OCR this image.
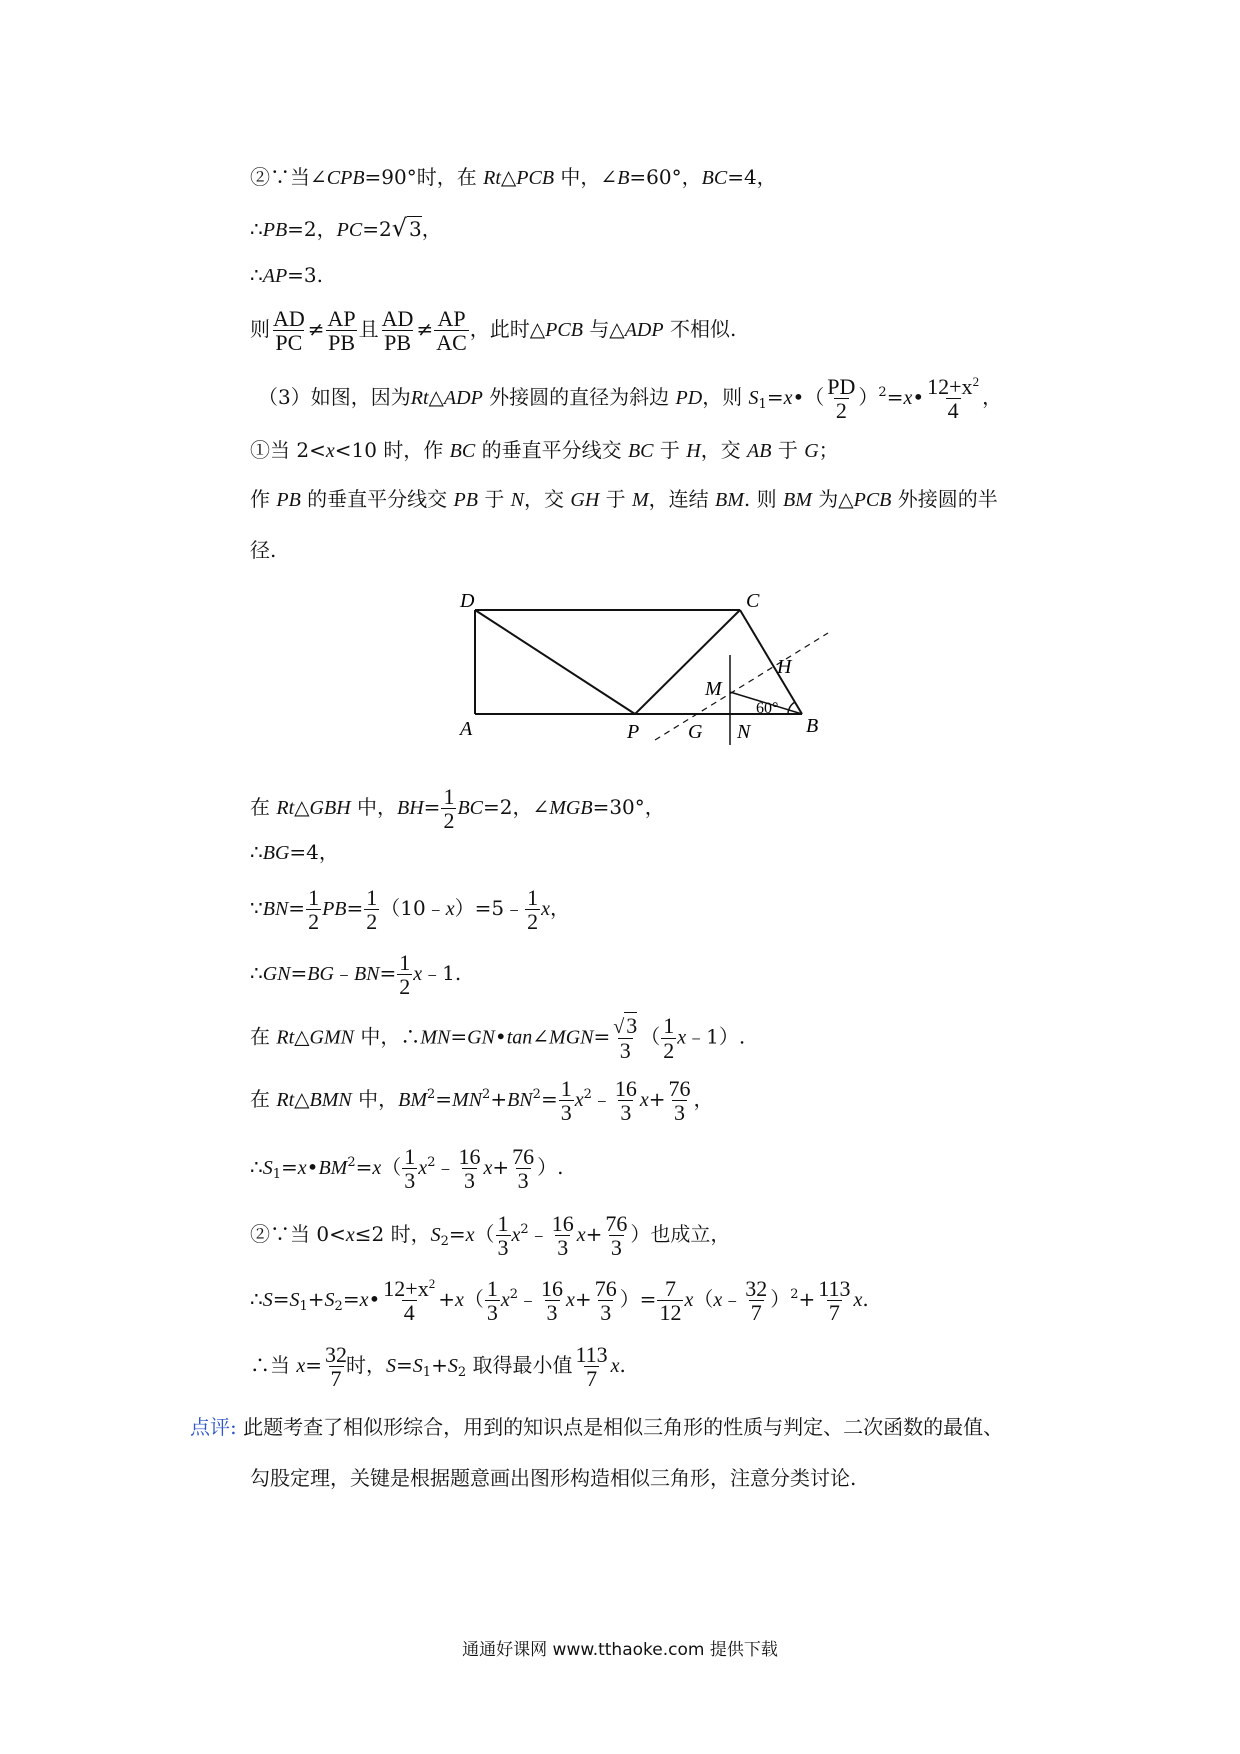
②∵当∠CPB=90°时，在 Rt△PCB 中，∠B=60°，BC=4，
∴PB=2，PC=2√ 3，
∴AP=3.
则 $\frac{AD}{PC} \ne \frac{AP}{PB}$ 且 $\frac{AD}{PB} \ne \frac{AP}{AC}$ ，此时△PCB 与△ADP 不相似.
（3）如图，因为Rt△ADP 外接圆的直径为斜边 PD，则 $S_1=x•( \frac{PD}{2}$ ）$^2$=x• $\frac{12+x^2}{4}$ ，
①当 2<x<10 时，作 BC 的垂直平分线交 BC 于 H，交 AB 于 G；
作 PB 的垂直平分线交 PB 于 N，交 GH 于 M，连结 BM. 则 BM 为△PCB 外接圆的半
径.
D	C
A	P G N	B
M
H
60°
在 Rt△GBH 中，$BH= \frac{1}{2} BC=2$，∠MGB=30°，
∴BG=4，
∵BN= $\frac{1}{2} PB= \frac{1}{2}$ （10﹣x）=5﹣ $\frac{1}{2}$ x，
∴GN=BG﹣BN= $\frac{1}{2}$ x﹣1.
在 Rt△GMN 中，∴MN=GN•tan∠MGN= $\frac{√3}{3}$ （ $\frac{1}{2}$ x﹣1）.
在 Rt△BMN 中，$BM^2=MN^2+BN^2= \frac{1}{3}$ $x^2﹣ \frac{16}{3} x+ \frac{76}{3}$ ，
$\therefore S_1=x•BM^2=x( \frac{1}{3}$ $x^2﹣ \frac{16}{3} x+ \frac{76}{3}$ ）.
②∵当 0<x≤2 时，$S_2=x( \frac{1}{3}$ $x^2﹣ \frac{16}{3} x+ \frac{76}{3}$ ）也成立，
$\therefore S=S_1+S_2=x• \frac{12+x^2}{4} +x( \frac{1}{3}$ $x^2﹣ \frac{16}{3} x+ \frac{76}{3}$ ）= $\frac{7}{12}$ x（x﹣ $\frac{32}{7} )^2+ \frac{113}{7} x$.
∴当 $x= \frac{32}{7}$
时，$S=S_1+S_2$ 取得最小值 $\frac{113}{7} x$.
点评: 此题考查了相似形综合，用到的知识点是相似三角形的性质与判定、二次函数的最值、
勾股定理，关键是根据题意画出图形构造相似三角形，注意分类讨论.
通通好课网 www.tthaoke.com 提供下载
